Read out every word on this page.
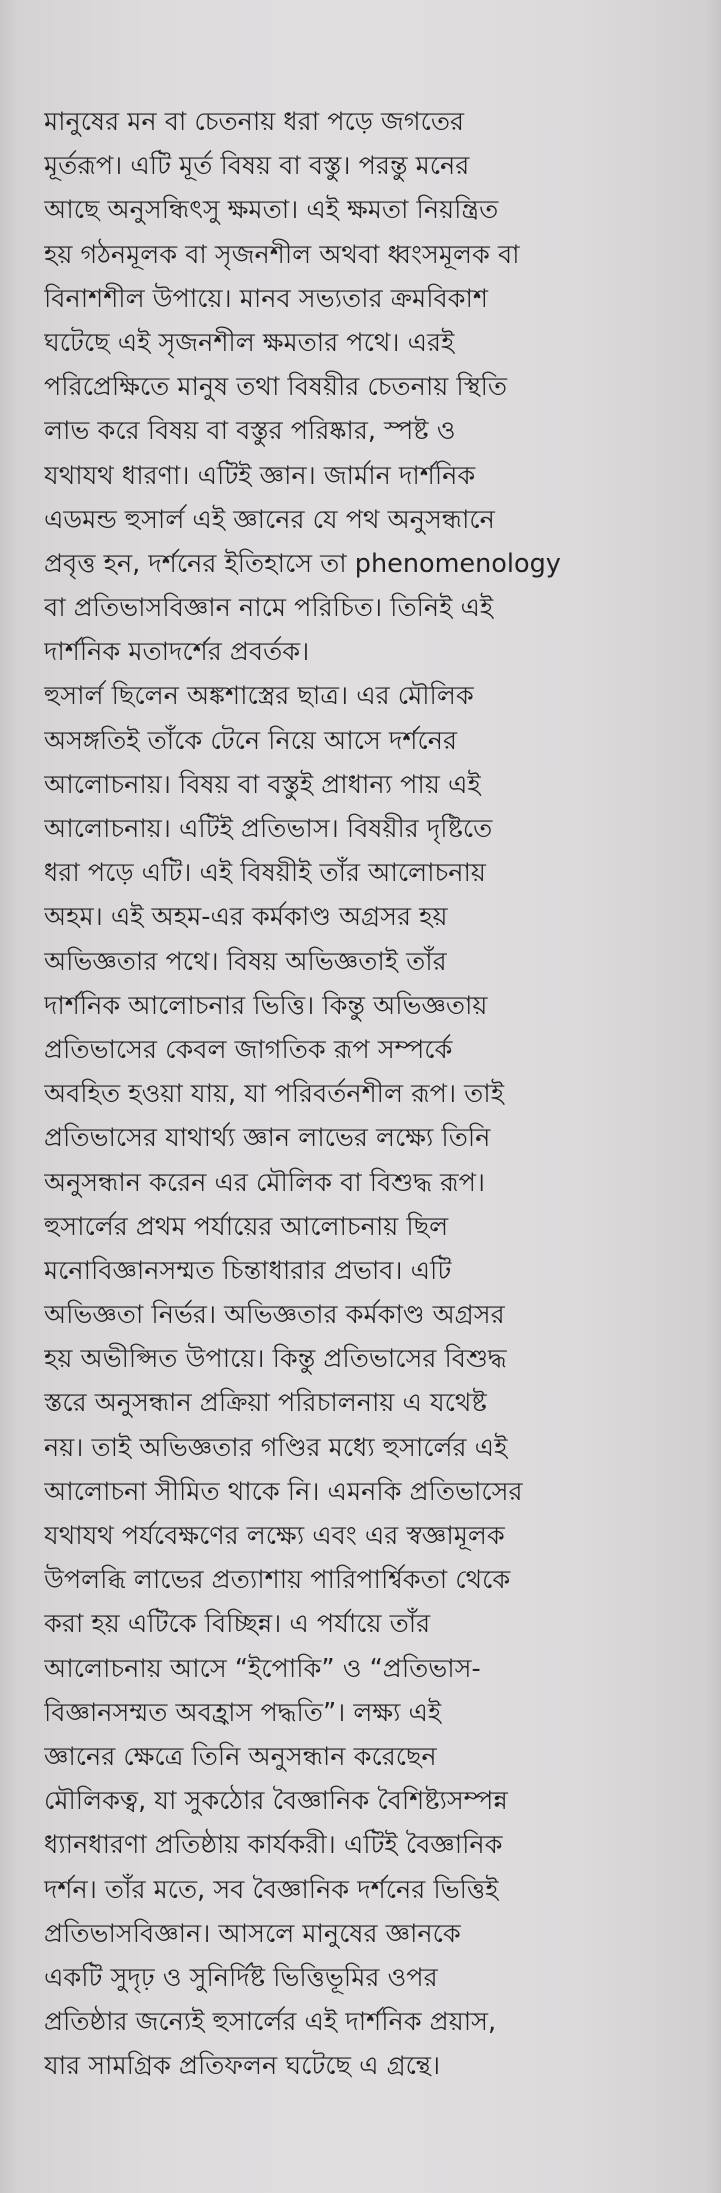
মানুষের মন বা চেতনায় ধরা পড়ে জগতের
মূর্তরূপ। এটি মূর্ত বিষয় বা বস্তু। পরন্তু মনের
আছে অনুসন্ধিৎসু ক্ষমতা। এই ক্ষমতা নিয়ন্ত্রিত
হয় গঠনমূলক বা সৃজনশীল অথবা ধ্বংসমূলক বা
বিনাশশীল উপায়ে। মানব সভ্যতার ক্রমবিকাশ
ঘটেছে এই সৃজনশীল ক্ষমতার পথে। এরই
পরিপ্রেক্ষিতে মানুষ তথা বিষয়ীর চেতনায় স্থিতি
লাভ করে বিষয় বা বস্তুর পরিষ্কার, স্পষ্ট ও
যথাযথ ধারণা। এটিই জ্ঞান। জার্মান দার্শনিক
এডমন্ড হুসার্ল এই জ্ঞানের যে পথ অনুসন্ধানে
প্রবৃত্ত হন, দর্শনের ইতিহাসে তা phenomenology
বা প্রতিভাসবিজ্ঞান নামে পরিচিত। তিনিই এই
দার্শনিক মতাদর্শের প্রবর্তক।
হুসার্ল ছিলেন অঙ্কশাস্ত্রের ছাত্র। এর মৌলিক
অসঙ্গতিই তাঁকে টেনে নিয়ে আসে দর্শনের
আলোচনায়। বিষয় বা বস্তুই প্রাধান্য পায় এই
আলোচনায়। এটিই প্রতিভাস। বিষয়ীর দৃষ্টিতে
ধরা পড়ে এটি। এই বিষয়ীই তাঁর আলোচনায়
অহম। এই অহম-এর কর্মকাণ্ড অগ্রসর হয়
অভিজ্ঞতার পথে। বিষয় অভিজ্ঞতাই তাঁর
দার্শনিক আলোচনার ভিত্তি। কিন্তু অভিজ্ঞতায়
প্রতিভাসের কেবল জাগতিক রূপ সম্পর্কে
অবহিত হওয়া যায়, যা পরিবর্তনশীল রূপ। তাই
প্রতিভাসের যাথার্থ্য জ্ঞান লাভের লক্ষ্যে তিনি
অনুসন্ধান করেন এর মৌলিক বা বিশুদ্ধ রূপ।
হুসার্লের প্রথম পর্যায়ের আলোচনায় ছিল
মনোবিজ্ঞানসম্মত চিন্তাধারার প্রভাব। এটি
অভিজ্ঞতা নির্ভর। অভিজ্ঞতার কর্মকাণ্ড অগ্রসর
হয় অভীপ্সিত উপায়ে। কিন্তু প্রতিভাসের বিশুদ্ধ
স্তরে অনুসন্ধান প্রক্রিয়া পরিচালনায় এ যথেষ্ট
নয়। তাই অভিজ্ঞতার গণ্ডির মধ্যে হুসার্লের এই
আলোচনা সীমিত থাকে নি। এমনকি প্রতিভাসের
যথাযথ পর্যবেক্ষণের লক্ষ্যে এবং এর স্বজ্ঞামূলক
উপলব্ধি লাভের প্রত্যাশায় পারিপার্শ্বিকতা থেকে
করা হয় এটিকে বিচ্ছিন্ন। এ পর্যায়ে তাঁর
আলোচনায় আসে “ইপোকি” ও “প্রতিভাস-
বিজ্ঞানসম্মত অবহ্রাস পদ্ধতি”। লক্ষ্য এই
জ্ঞানের ক্ষেত্রে তিনি অনুসন্ধান করেছেন
মৌলিকত্ব, যা সুকঠোর বৈজ্ঞানিক বৈশিষ্ট্যসম্পন্ন
ধ্যানধারণা প্রতিষ্ঠায় কার্যকরী। এটিই বৈজ্ঞানিক
দর্শন। তাঁর মতে, সব বৈজ্ঞানিক দর্শনের ভিত্তিই
প্রতিভাসবিজ্ঞান। আসলে মানুষের জ্ঞানকে
একটি সুদৃঢ় ও সুনির্দিষ্ট ভিত্তিভূমির ওপর
প্রতিষ্ঠার জন্যেই হুসার্লের এই দার্শনিক প্রয়াস,
যার সামগ্রিক প্রতিফলন ঘটেছে এ গ্রন্থে।
